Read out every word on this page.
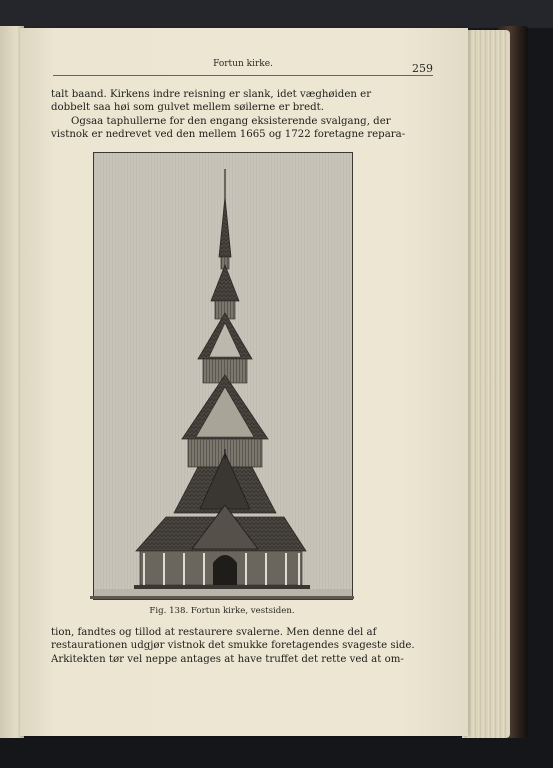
Fortun kirke.	259
talt baand. Kirkens indre reisning er slank, idet væghøiden er
dobbelt saa høi som gulvet mellem søilerne er bredt.
Ogsaa taphullerne for den engang eksisterende svalgang, der
vistnok er nedrevet ved den mellem 1665 og 1722 foretagne repara-
Fig. 138. Fortun kirke, vestsiden.
tion, fandtes og tillod at restaurere svalerne. Men denne del af
restaurationen udgjør vistnok det smukke foretagendes svageste side.
Arkitekten tør vel neppe antages at have truffet det rette ved at om-
